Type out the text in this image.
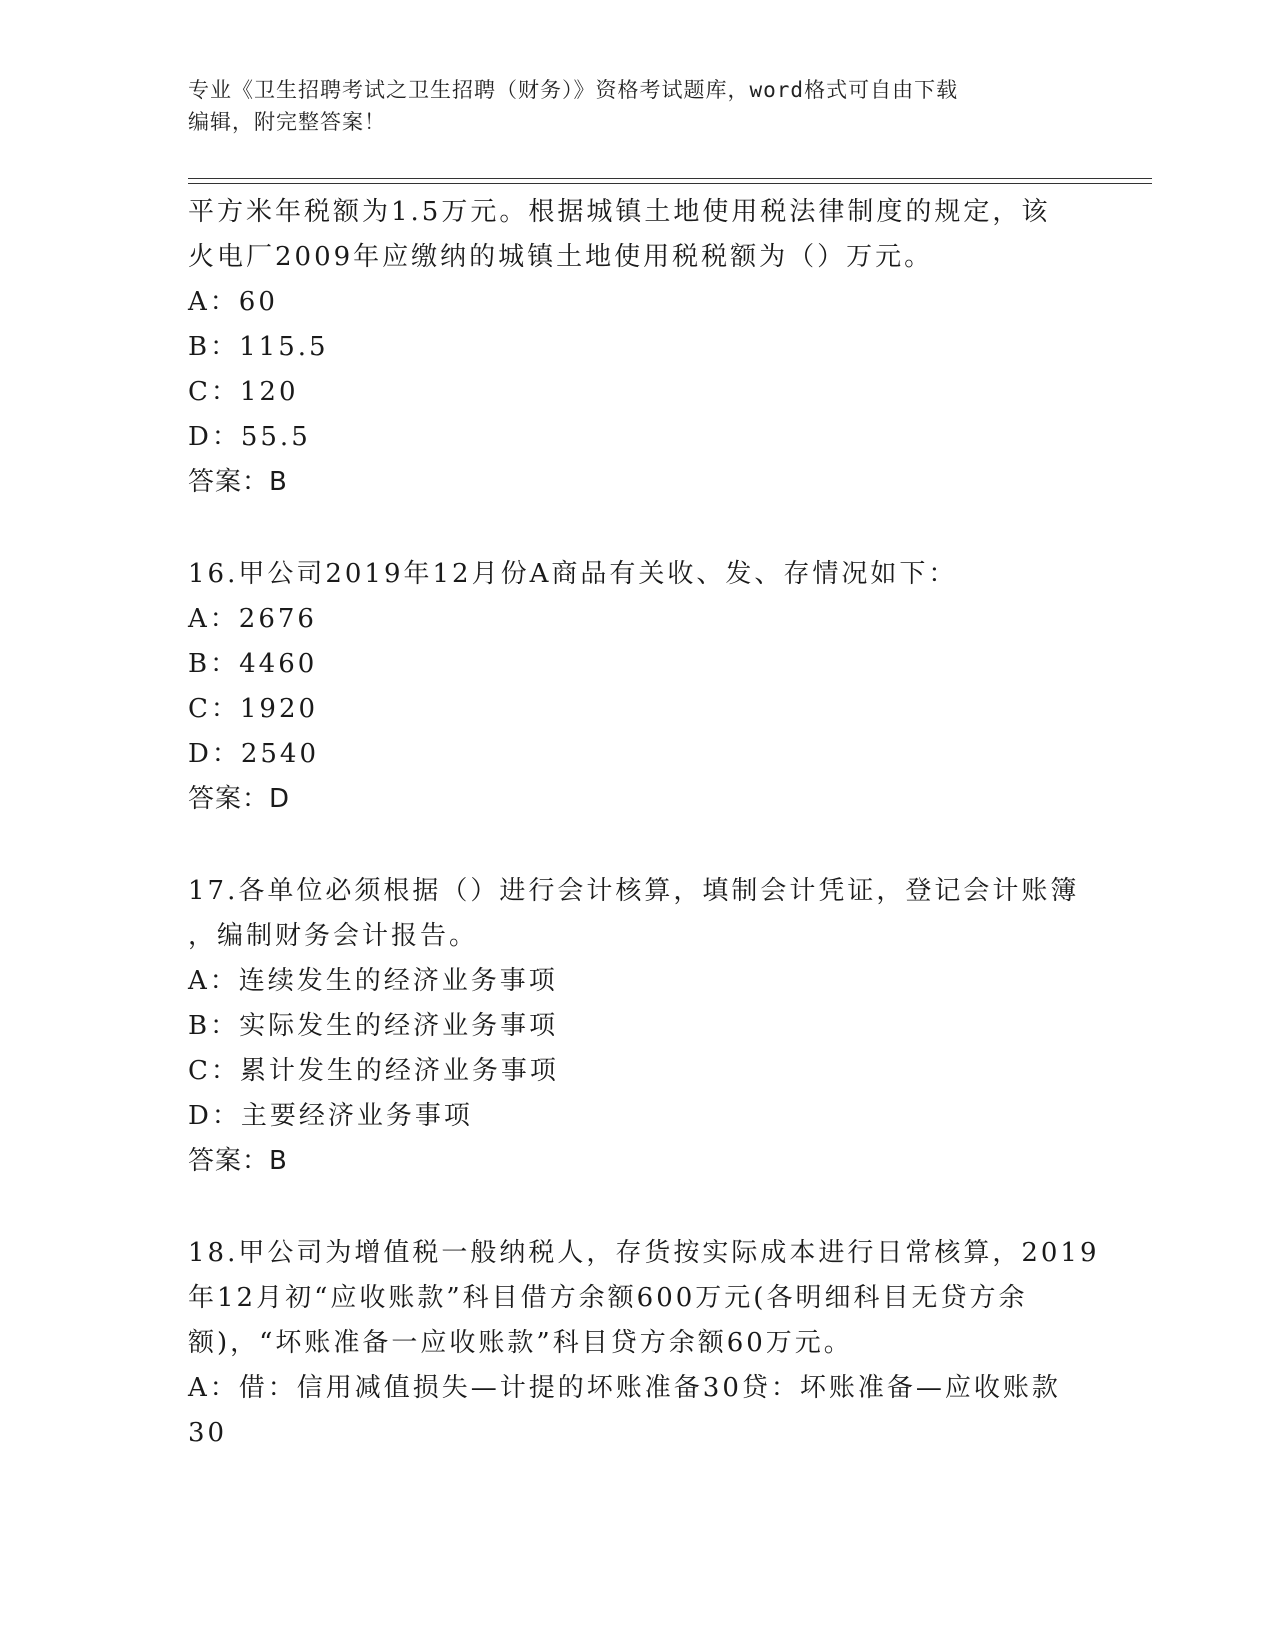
专业《卫生招聘考试之卫生招聘（财务）》资格考试题库，word格式可自由下载
编辑，附完整答案！

平方米年税额为1.5万元。根据城镇土地使用税法律制度的规定，该

火电厂2009年应缴纳的城镇土地使用税税额为（）万元。

A：60

B：115.5

C：120

D：55.5

答案：B

16.甲公司2019年12月份A商品有关收、发、存情况如下：

A：2676

B：4460

C：1920

D：2540

答案：D

17.各单位必须根据（）进行会计核算，填制会计凭证，登记会计账簿

，编制财务会计报告。

A：连续发生的经济业务事项

B：实际发生的经济业务事项

C：累计发生的经济业务事项

D：主要经济业务事项

答案：B

18.甲公司为增值税一般纳税人，存货按实际成本进行日常核算，2019

年12月初“应收账款”科目借方余额600万元(各明细科目无贷方余

额)，“坏账准备一应收账款”科目贷方余额60万元。

A：借：信用减值损失—计提的坏账准备30贷：坏账准备—应收账款

30
